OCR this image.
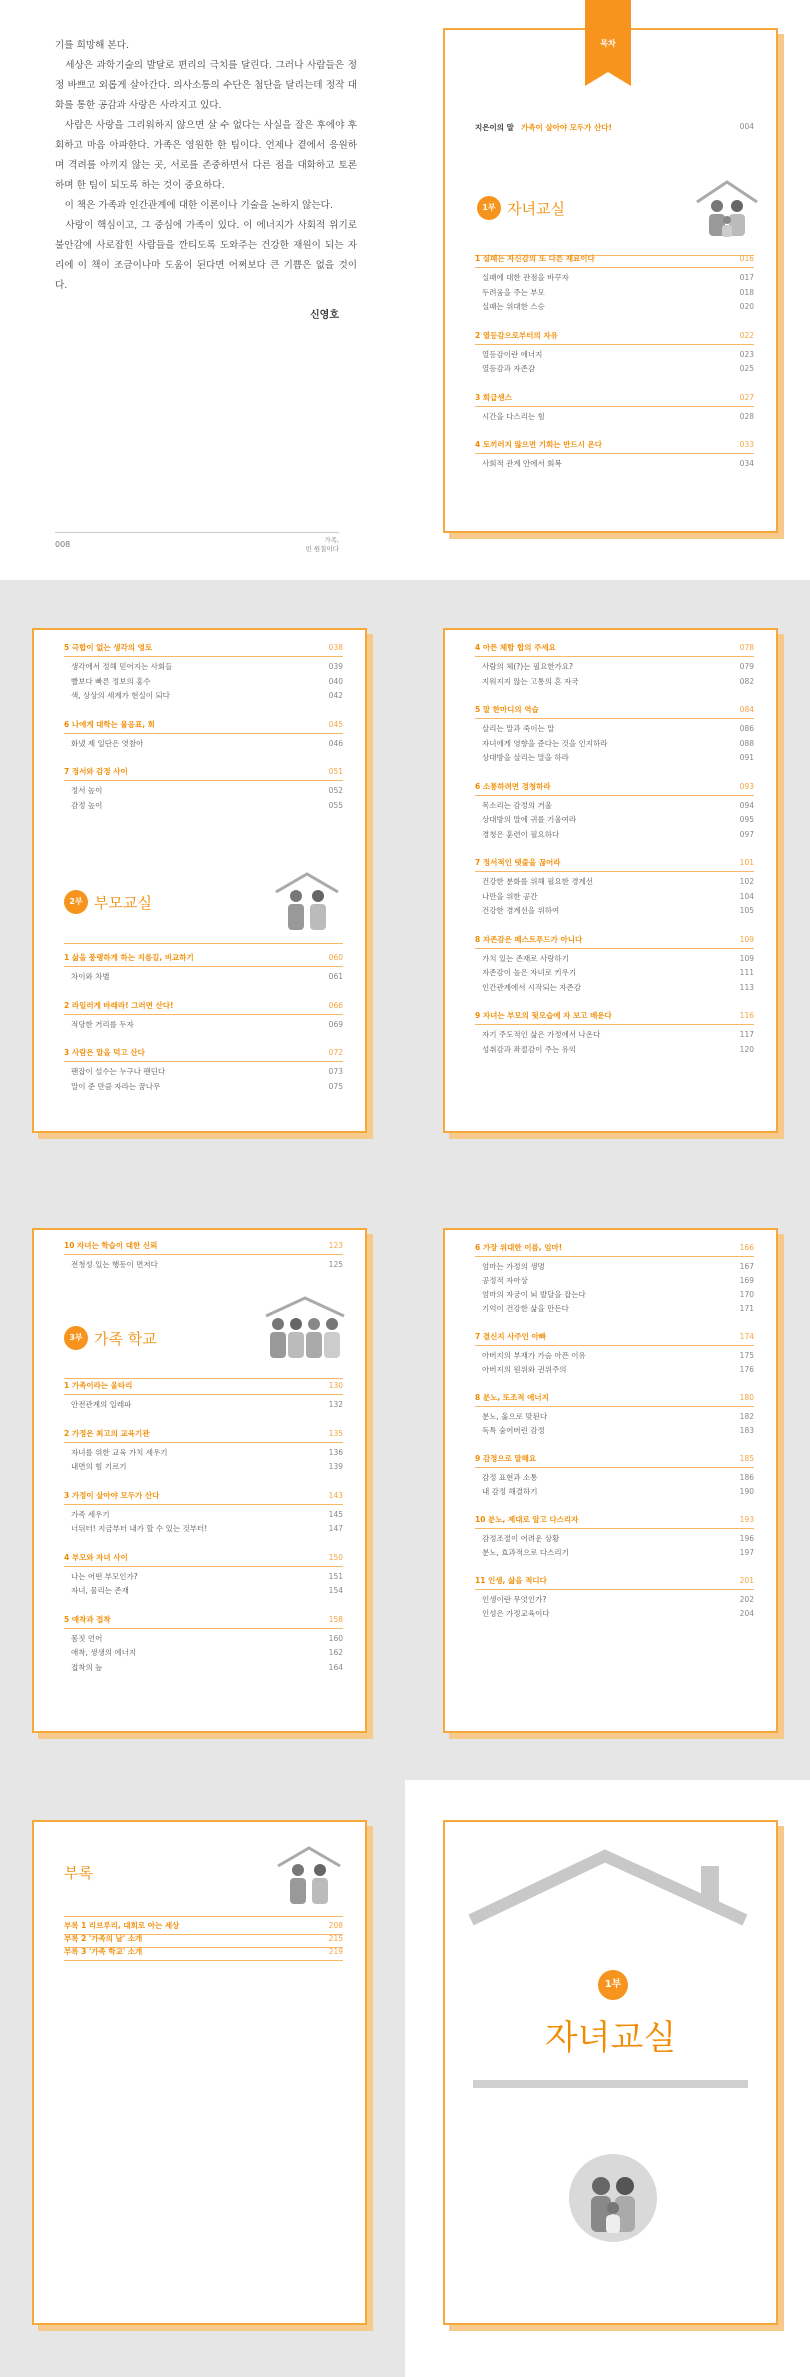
기를 희망해 본다.

　세상은 과학기술의 발달로 편리의 극치를 달린다. 그러나 사람들은 정정 바쁘고 외롭게 살아간다. 의사소통의 수단은 첨단을 달리는데 정작 대화를 통한 공감과 사랑은 사라지고 있다.

　사람은 사랑을 그리워하지 않으면 살 수 없다는 사실을 잘은 후에야 후회하고 마음 아파한다. 가족은 영원한 한 팀이다. 언제나 곁에서 응원하며 격려를 아끼지 않는 곳, 서로를 존중하면서 다른 점을 대화하고 토론하며 한 팀이 되도록 하는 것이 중요하다.

　이 책은 가족과 인간관계에 대한 이론이나 기술을 논하지 않는다.

　사랑이 핵심이고, 그 중심에 가족이 있다. 이 에너지가 사회적 위기로 불안감에 사로잡힌 사람들을 깐티도록 도와주는 건강한 재원이 되는 자리에 이 책이 조금이나마 도움이 된다면 어쩌보다 큰 기쁨은 없을 것이다.

신영호
008	가족,
빈 원칠이다
지은이의 말 가족이 살아야 모두가 산다!	004
1부 자녀교실
1 실패는 자신감의 또 다른 재료이다	016
실패에 대한 관점을 바꾸자	017
두려움을 주는 부모	018
실패는 위대한 스승	020
2 열등감으로부터의 자유	022
열등감이란 에너지	023
열등감과 자존감	025
3 회급센스	027
시간을 다스리는 힘	028
4 토끼러지 않으면 기회는 반드시 온다	033
사회적 관계 안에서 회복	034
목차
5 극합이 없는 생각의 영토	038
생각에서 정해 믿어지는 사회들	039
빨보다 빠른 정보의 홍수	040
색, 상상의 세계가 현실이 되다	042
6 나에게 대학는 물음표, 회	045
화냈 제 일단은 엿참아	046
7 정서와 감정 사이	051
정서 높이	052
감정 높이	055
2부 부모교실
1 삶을 풍랭하게 하는 지름길, 비교하기	060
차이와 차별	061
2 라일러게 바래라! 그러면 산다!	066
적당한 거리를 두자	069
3 사람은 말을 먹고 산다	072
팬잡이 설수는 누구나 팬딘다	073
말이 준 만큼 자라는 꿈나무	075
4 아픈 체함 합의 주세요	078
사람의 체(?)는 필요한가요?	079
지워지지 않는 고통의 흔 자국	082
5 말 한마디의 역습	084
살리는 말과 죽이는 말	086
자녀에게 영향을 준다는 것을 인지하라	088
상대방을 살리는 말을 하라	091
6 소통하려면 경청하라	093
목소리는 감정의 거울	094
상대방의 말에 귀를 기울여라	095
경청은 훈련이 필요하다	097
7 정서적인 탯줄을 끊어라	101
건강한 분화를 위해 필요한 경계선	102
나만을 위한 공간	104
건강한 경계선을 위하여	105
8 자존감은 페스트푸드가 아니다	109
가치 있는 존재로 사랑하기	109
자존감이 높은 자녀로 키우기	111
인간관계에서 시작되는 자존감	113
9 자녀는 부모의 뒷모습에 자 보고 배운다	116
자기 주도적인 삶은 가정에서 나온다	117
성취감과 좌절감이 주는 유익	120
10 자녀는 학습이 대한 신뢰	123
전청성 있는 행동이 면저다	125
3부 가족 학교
1 가족이라는 울타리	130
안전관계의 일레파	132
2 가정은 최고의 교육기관	135
자녀를 위한 교육 가치 세우기	136
내면의 힘 기르기	139
3 가정이 살아야 모두가 산다	143
가족 세우기	145
너뒤터! 지금부터 내가 할 수 있는 것부터!	147
4 부모와 자녀 사이	150
나는 어떤 부모인가?	151
자녀, 물리는 존재	154
5 애착과 접착	158
몸짓 언어	160
애착, 생생의 에너지	162
접착의 늪	164
6 가장 위대한 이름, 엄마!	166
엄마는 가정의 생명	167
공정적 자아상	169
엄마의 자궁이 뇌 발달을 잡는다	170
기억이 건강한 삶을 만든다	171
7 결신지 사주인 아빠	174
아버지의 부재가 가슴 아픈 이유	175
아버지의 원위와 권위주의	176
8 분노, 또조적 에너지	180
분노, 옳으로 맞된다	182
독특 숨어버린 감정	183
9 감정으로 말해요	185
감정 표현과 소통	186
내 감정 해결하기	190
10 분노, 제대로 알고 다스리자	193
감정조절이 어려운 상황	196
분노, 효과적으로 다스리기	197
11 인생, 삶을 적디다	201
인생이란 무엇인가?	202
인성은 가정교육이다	204
부록
부록 1 리브루리, 대회로 아는 세상	208
부록 2 '가족의 날' 소개	215
부록 3 '가족 학교' 소개	219
1부
자녀교실
